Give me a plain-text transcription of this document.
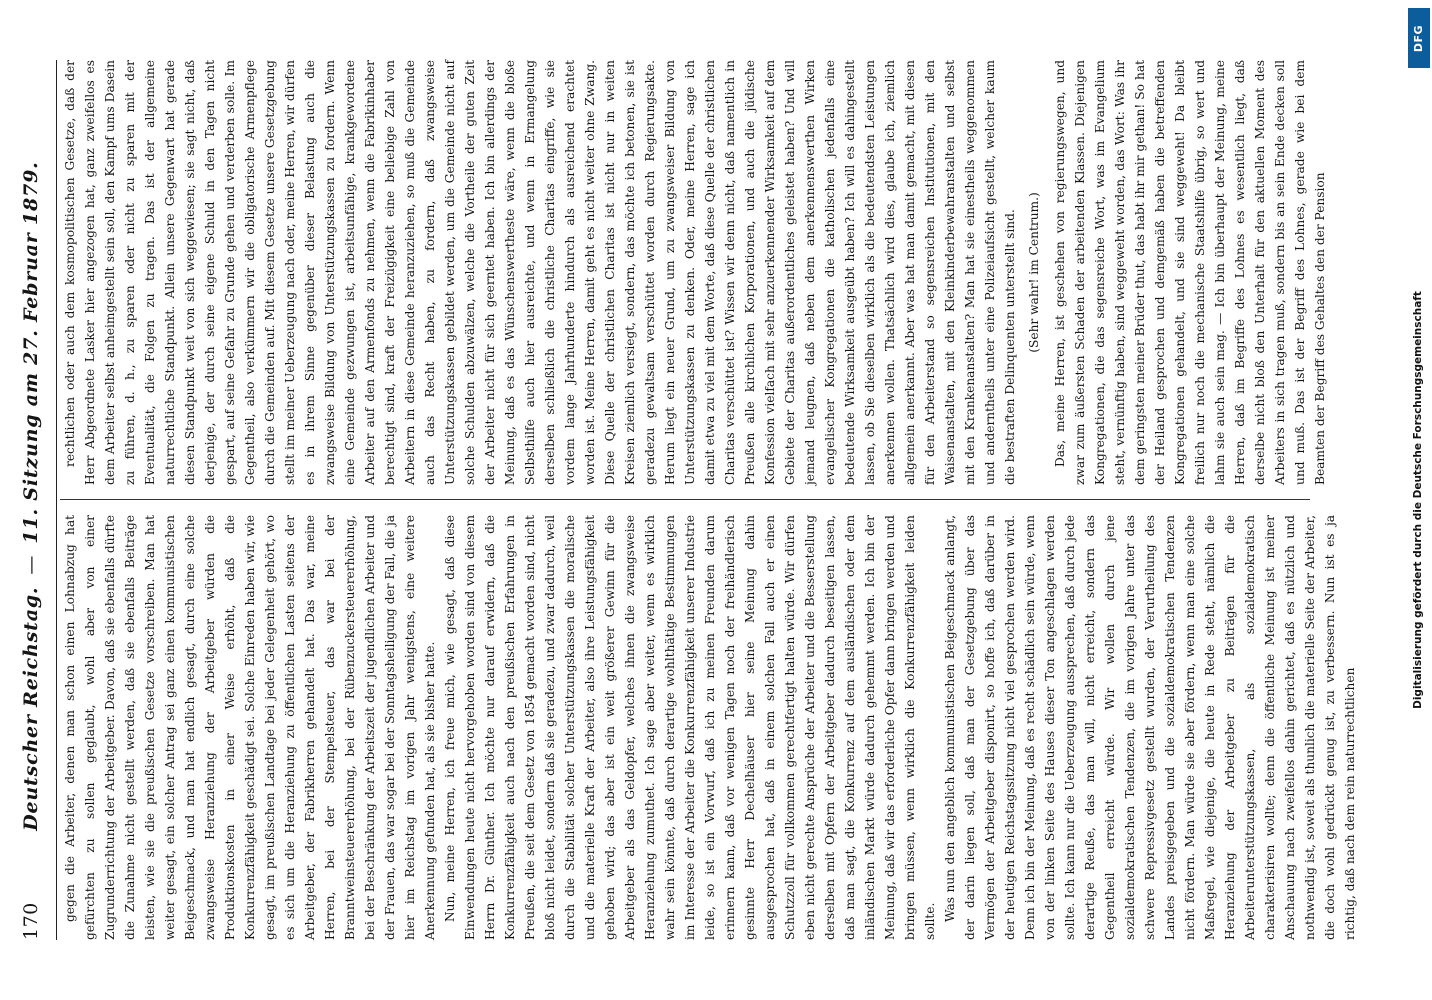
170
Deutscher Reichstag. — 11. Sitzung am 27. Februar 1879.

gegen die Arbeiter, denen man schon einen Lohnabzug hat gefürchten zu sollen geglaubt, wohl aber von einer Zugrunderrichtung der Arbeitgeber. Davon, daß sie ebenfalls dürfte die Zunahme nicht gestellt werden, daß sie ebenfalls Beiträge leisten, wie sie die preußischen Gesetze vorschreiben. Man hat weiter gesagt, ein solcher Antrag sei ganz einen kommunistischen Beigeschmack, und man hat endlich gesagt, durch eine solche zwangsweise Heranziehung der Arbeitgeber würden die Produktionskosten in einer Weise erhöht, daß die Konkurrenzfähigkeit geschädigt sei. Solche Einreden haben wir, wie gesagt, im preußischen Landtage bei jeder Gelegenheit gehört, wo es sich um die Heranziehung zu öffentlichen Lasten seitens der Arbeitgeber, der Fabrikherren gehandelt hat. Das war, meine Herren, bei der Stempelsteuer, das war bei der Branntweinsteuererhöhung, bei der Rübenzuckersteuererhöhung, bei der Beschränkung der Arbeitszeit der jugendlichen Arbeiter und der Frauen, das war sogar bei der Sonntagsheiligung der Fall, die ja hier im Reichstag im vorigen Jahr wenigstens, eine weitere Anerkennung gefunden hat, als sie bisher hatte. Nun, meine Herren, ich freue mich, wie gesagt, daß diese Einwendungen heute nicht hervorgehoben worden sind von diesem Herrn Dr. Günther. Ich möchte nur darauf erwidern, daß die Konkurrenzfähigkeit auch nach den preußischen Erfahrungen in Preußen, die seit dem Gesetz von 1854 gemacht worden sind, nicht bloß nicht leidet, sondern daß sie geradezu, und zwar dadurch, weil durch die Stabilität solcher Unterstützungskassen die moralische und die materielle Kraft der Arbeiter, also ihre Leistungsfähigkeit gehoben wird; das aber ist ein weit größerer Gewinn für die Arbeitgeber als das Geldopfer, welches ihnen die zwangsweise Heranziehung zumuthet. Ich sage aber weiter, wenn es wirklich wahr sein könnte, daß durch derartige wohlthätige Bestimmungen im Interesse der Arbeiter die Konkurrenzfähigkeit unserer Industrie leide, so ist ein Vorwurf, daß ich zu meinen Freunden darum erinnern kann, daß vor wenigen Tagen noch der freihändlerisch gesinnte Herr Dechelhäuser hier seine Meinung dahin ausgesprochen hat, daß in einem solchen Fall auch er einen Schutzzoll für vollkommen gerechtfertigt halten würde. Wir dürfen eben nicht gerechte Ansprüche der Arbeiter und die Besserstellung derselben mit Opfern der Arbeitgeber dadurch beseitigen lassen, daß man sagt, die Konkurrenz auf dem ausländischen oder dem inländischen Markt würde dadurch gehemmt werden. Ich bin der Meinung, daß wir das erforderliche Opfer dann bringen werden und bringen müssen, wenn wirklich die Konkurrenzfähigkeit leiden sollte. Was nun den angeblich kommunistischen Beigeschmack anlangt, der darin liegen soll, daß man der Gesetzgebung über das Vermögen der Arbeitgeber disponirt, so hoffe ich, daß darüber in der heutigen Reichstagssitzung nicht viel gesprochen werden wird. Denn ich bin der Meinung, daß es recht schädlich sein würde, wenn von der linken Seite des Hauses dieser Ton angeschlagen werden sollte. Ich kann nur die Ueberzeugung aussprechen, daß durch jede derartige Reuße, das man will, nicht erreicht, sondern das Gegentheil erreicht würde. Wir wollen durch jene sozialdemokratischen Tendenzen, die im vorigen Jahre unter das schwere Repressivgesetz gestellt wurden, der Verurtheilung des Landes preisgegeben und die sozialdemokratischen Tendenzen nicht fördern. Man würde sie aber fördern, wenn man eine solche Maßregel, wie diejenige, die heute in Rede steht, nämlich die Heranziehung der Arbeitgeber zu Beiträgen für die Arbeiterunterstützungskassen, als sozialdemokratisch charakterisiren wollte; denn die öffentliche Meinung ist meiner Anschauung nach zweifellos dahin gerichtet, daß es nützlich und nothwendig ist, soweit als thunlich die materielle Seite der Arbeiter, die doch wohl gedrückt genug ist, zu verbessern. Nun ist es ja richtig, daß nach dem rein naturrechtlichen

rechtlichen oder auch dem kosmopolitischen Gesetze, daß der Herr Abgeordnete Lasker hier angezogen hat, ganz zweifellos es dem Arbeiter selbst anheimgestellt sein soll, den Kampf ums Dasein zu führen, d. h., zu sparen oder nicht zu sparen mit der Eventualität, die Folgen zu tragen. Das ist der allgemeine naturrechtliche Standpunkt. Allein unsere Gegenwart hat gerade diesen Standpunkt weit von sich weggewiesen; sie sagt nicht, daß derjenige, der durch seine eigene Schuld in den Tagen nicht gespart, auf seine Gefahr zu Grunde gehen und verderben solle. Im Gegentheil, also verkümmern wir die obligatorische Armenpflege durch die Gemeinden auf. Mit diesem Gesetze unsere Gesetzgebung stellt im meiner Ueberzeugung nach oder, meine Herren, wir dürfen es in ihrem Sinne gegenüber dieser Belastung auch die zwangsweise Bildung von Unterstützungskassen zu fordern. Wenn eine Gemeinde gezwungen ist, arbeitsunfähige, krankgewordene Arbeiter auf den Armenfonds zu nehmen, wenn die Fabrikinhaber berechtigt sind, kraft der Freizügigkeit eine beliebige Zahl von Arbeitern in diese Gemeinde heranzuziehen, so muß die Gemeinde auch das Recht haben, zu fordern, daß zwangsweise Unterstützungskassen gebildet werden, um die Gemeinde nicht auf solche Schulden abzuwälzen, welche die Vortheile der guten Zeit der Arbeiter nicht für sich geerntet haben. Ich bin allerdings der Meinung, daß es das Wünschenswertheste wäre, wenn die bloße Selbsthilfe auch hier ausreichte, und wenn in Ermangelung derselben schließlich die christliche Charitas eingriffe, wie sie vordem lange Jahrhunderte hindurch als ausreichend erachtet worden ist. Meine Herren, damit geht es nicht weiter ohne Zwang. Diese Quelle der christlichen Charitas ist nicht nur in weiten Kreisen ziemlich versiegt, sondern, das möchte ich betonen, sie ist geradezu gewaltsam verschüttet worden durch Regierungsakte. Herum liegt ein neuer Grund, um zu zwangsweiser Bildung von Unterstützungskassen zu denken. Oder, meine Herren, sage ich damit etwa zu viel mit dem Worte, daß diese Quelle der christlichen Charitas verschüttet ist? Wissen wir denn nicht, daß namentlich in Preußen alle kirchlichen Korporationen, und auch die jüdische Konfession vielfach mit sehr anzuerkennender Wirksamkeit auf dem Gebiete der Charitas außerordentliches geleistet haben? Und will jemand leugnen, daß neben dem anerkennenswerthen Wirken evangelischer Kongregationen die katholischen jedenfalls eine bedeutende Wirksamkeit ausgeübt haben? Ich will es dahingestellt lassen, ob Sie dieselben wirklich als die bedeutendsten Leistungen anerkennen wollen. Thatsächlich wird dies, glaube ich, ziemlich allgemein anerkannt. Aber was hat man damit gemacht, mit diesen für den Arbeiterstand so segensreichen Institutionen, mit den Waisenanstalten, mit den Kleinkinderbewahranstalten und selbst mit den Krankenanstalten? Man hat sie einestheils weggenommen und anderntheils unter eine Polizeiaufsicht gestellt, welcher kaum die bestraften Delinquenten unterstellt sind. (Sehr wahr! im Centrum.) Das, meine Herren, ist geschehen von regierungswegen, und zwar zum äußersten Schaden der arbeitenden Klassen. Diejenigen Kongregationen, die das segensreiche Wort, was im Evangelium steht, vernünftig haben, sind weggeweht worden, das Wort: Was ihr dem geringsten meiner Brüder thut, das habt ihr mir gethan! So hat der Heiland gesprochen und demgemäß haben die betreffenden Kongregationen gehandelt, und sie sind weggeweht! Da bleibt freilich nur noch die mechanische Staatshilfe übrig, so wert und lahm sie auch sein mag. — Ich bin überhaupt der Meinung, meine Herren, daß im Begriffe des Lohnes es wesentlich liegt, daß derselbe nicht bloß den Unterhalt für den aktuellen Moment des Arbeiters in sich tragen muß, sondern bis an sein Ende decken soll und muß. Das ist der Begriff des Lohnes, gerade wie bei dem Beamten der Begriff des Gehaltes den der Pension

DFG
Digitalisierung gefördert durch die Deutsche Forschungsgemeinschaft
